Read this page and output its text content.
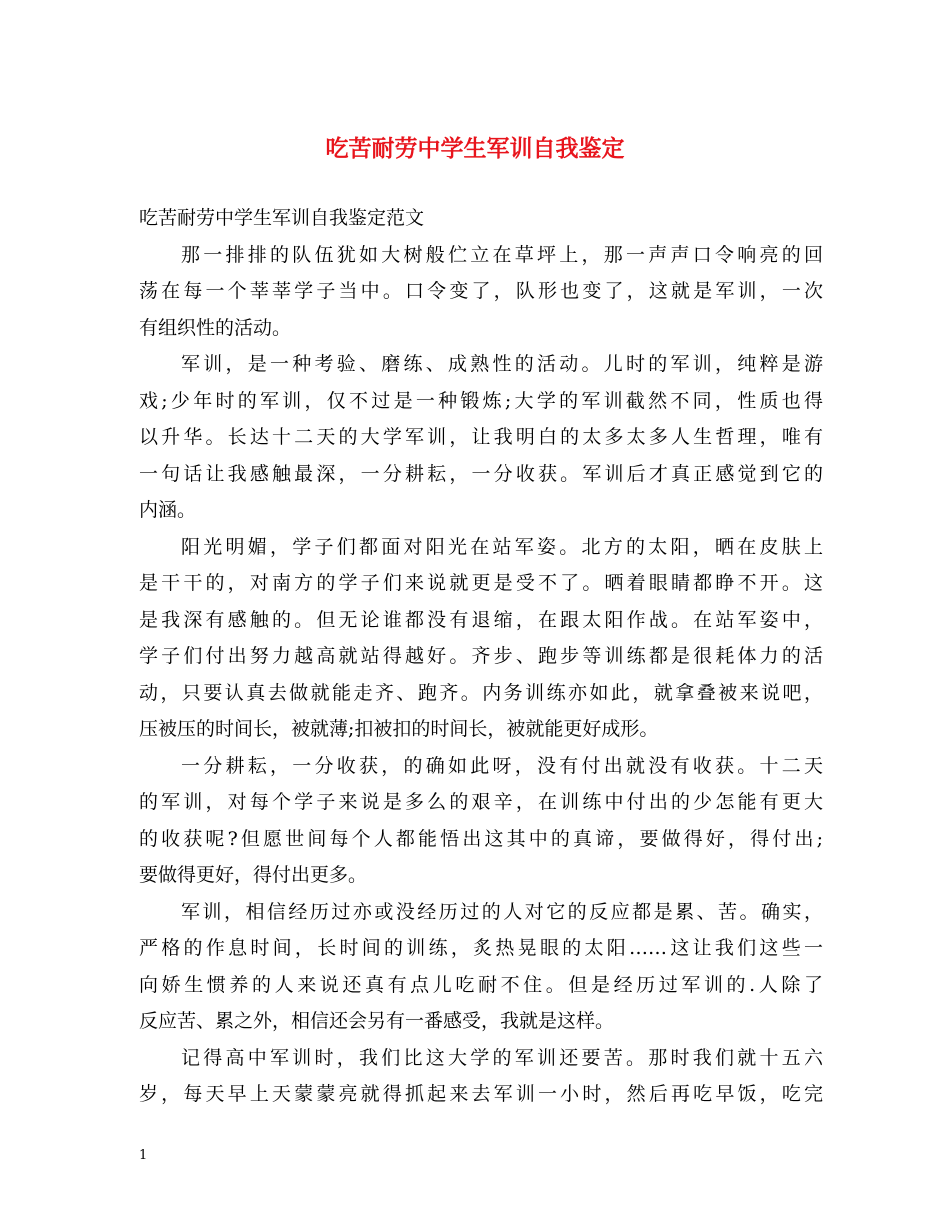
吃苦耐劳中学生军训自我鉴定

吃苦耐劳中学生军训自我鉴定范文

那一排排的队伍犹如大树般伫立在草坪上，那一声声口令响亮的回
荡在每一个莘莘学子当中。口令变了，队形也变了，这就是军训，一次
有组织性的活动。

军训，是一种考验、磨练、成熟性的活动。儿时的军训，纯粹是游
戏;少年时的军训，仅不过是一种锻炼;大学的军训截然不同，性质也得
以升华。长达十二天的大学军训，让我明白的太多太多人生哲理，唯有
一句话让我感触最深，一分耕耘，一分收获。军训后才真正感觉到它的
内涵。

阳光明媚，学子们都面对阳光在站军姿。北方的太阳，晒在皮肤上
是干干的，对南方的学子们来说就更是受不了。晒着眼睛都睁不开。这
是我深有感触的。但无论谁都没有退缩，在跟太阳作战。在站军姿中，
学子们付出努力越高就站得越好。齐步、跑步等训练都是很耗体力的活
动，只要认真去做就能走齐、跑齐。内务训练亦如此，就拿叠被来说吧，
压被压的时间长，被就薄;扣被扣的时间长，被就能更好成形。

一分耕耘，一分收获，的确如此呀，没有付出就没有收获。十二天
的军训，对每个学子来说是多么的艰辛，在训练中付出的少怎能有更大
的收获呢?但愿世间每个人都能悟出这其中的真谛，要做得好，得付出;
要做得更好，得付出更多。

军训，相信经历过亦或没经历过的人对它的反应都是累、苦。确实，
严格的作息时间，长时间的训练，炙热晃眼的太阳……这让我们这些一
向娇生惯养的人来说还真有点儿吃耐不住。但是经历过军训的.人除了
反应苦、累之外，相信还会另有一番感受，我就是这样。

记得高中军训时，我们比这大学的军训还要苦。那时我们就十五六
岁，每天早上天蒙蒙亮就得抓起来去军训一小时，然后再吃早饭，吃完

1
